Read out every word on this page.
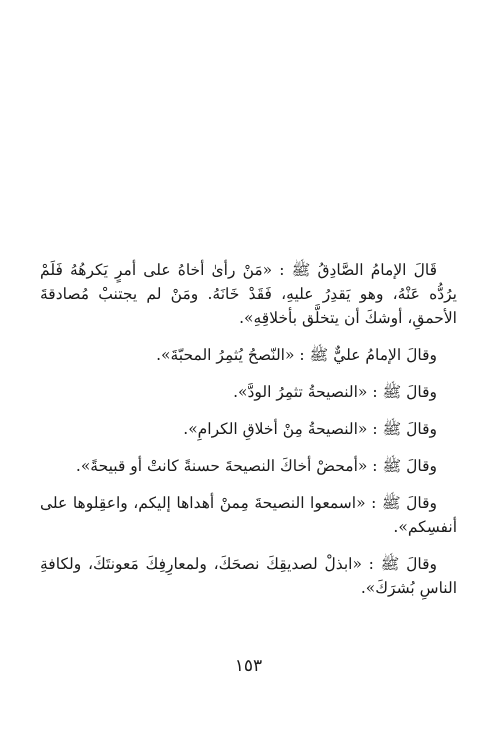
قَالَ الإمامُ الصَّادِقُ ﷺ : «مَنْ رأىٰ أخاهُ على أمرٍ يَكرهُهُ فَلَمْ يرُدُّه عَنْهُ، وهو يَقدِرُ عليهِ، فَقَدْ خَانَهُ. ومَنْ لم يجتنبْ مُصادقةَ الأحمقِ، أوشكَ أن يتخلَّق بأخلاقِهِ».

وقالَ الإمامُ عليٌّ ﷺ : «النّصحُ يُثمِرُ المحبّةَ».

وقالَ ﷺ : «النصيحةُ تثمِرُ الودَّ».

وقالَ ﷺ : «النصيحةُ مِنْ أخلاقِ الكرامِ».

وقالَ ﷺ : «أمحضْ أخاكَ النصيحةَ حسنةً كانتْ أو قبيحةً».

وقالَ ﷺ : «اسمعوا النصيحةَ مِمنْ أهداها إليكم، واعقِلوها على أنفسِكم».

وقالَ ﷺ : «ابذلْ لصديقِكَ نصحَكَ، ولمعارِفِكَ مَعونتَكَ، ولكافةِ الناسِ بُشرَكَ».

١٥٣
